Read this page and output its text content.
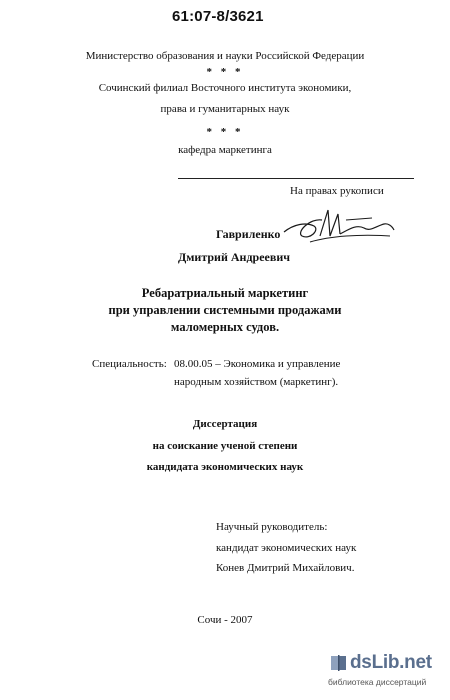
61:07-8/3621
Министерство образования и науки Российской Федерации
* * *
Сочинский филиал Восточного института экономики,
права и гуманитарных наук
* * *
кафедра маркетинга
На правах рукописи
Гавриленко
Дмитрий Андреевич
Ребаратриальный маркетинг
при управлении системными продажами
маломерных судов.
Специальность: 08.00.05 – Экономика и управление
народным хозяйством (маркетинг).
Диссертация
на соискание ученой степени
кандидата экономических наук
Научный руководитель:
кандидат экономических наук
Конев Дмитрий Михайлович.
Сочи - 2007
dsLib.net
библиотека диссертаций
